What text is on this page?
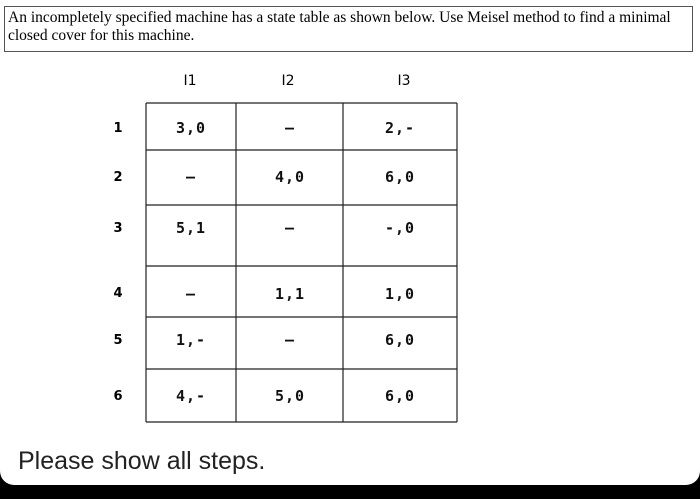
An incompletely specified machine has a state table as shown below. Use Meisel method to find a minimal closed cover for this machine.

I1	I2	I3
1	3,0	—	2,-
2	—	4,0	6,0
3	5,1	—	-,0
4	—	1,1	1,0
5	1,-	—	6,0
6	4,-	5,0	6,0

Please show all steps.
